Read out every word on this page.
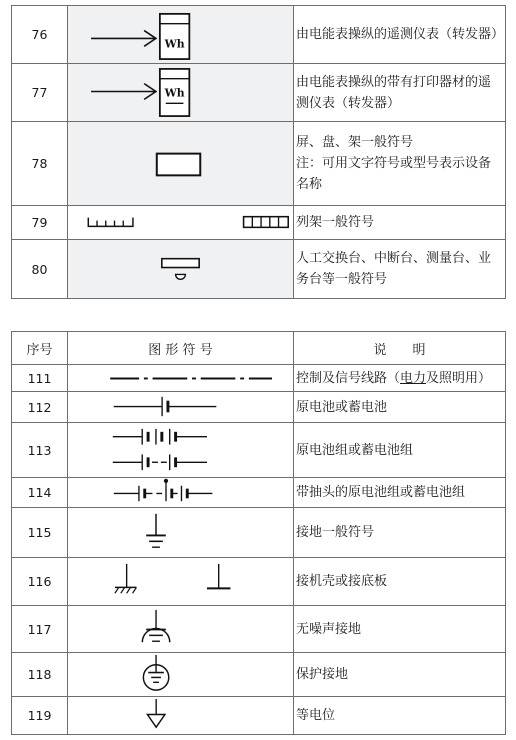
76	Wh	由电能表操纵的遥测仪表（转发器）
77	Wh	由电能表操纵的带有打印器材的遥
测仪表（转发器）
78		屏、盘、架一般符号
注：可用文字符号或型号表示设备
名称
79		列架一般符号
80		人工交换台、中断台、测量台、业
务台等一般符号
序号	图 形 符 号	说　　明
111		控制及信号线路（电力及照明用）
112		原电池或蓄电池
113		原电池组或蓄电池组
114		带抽头的原电池组或蓄电池组
115		接地一般符号
116		接机壳或接底板
117		无噪声接地
118		保护接地
119		等电位
